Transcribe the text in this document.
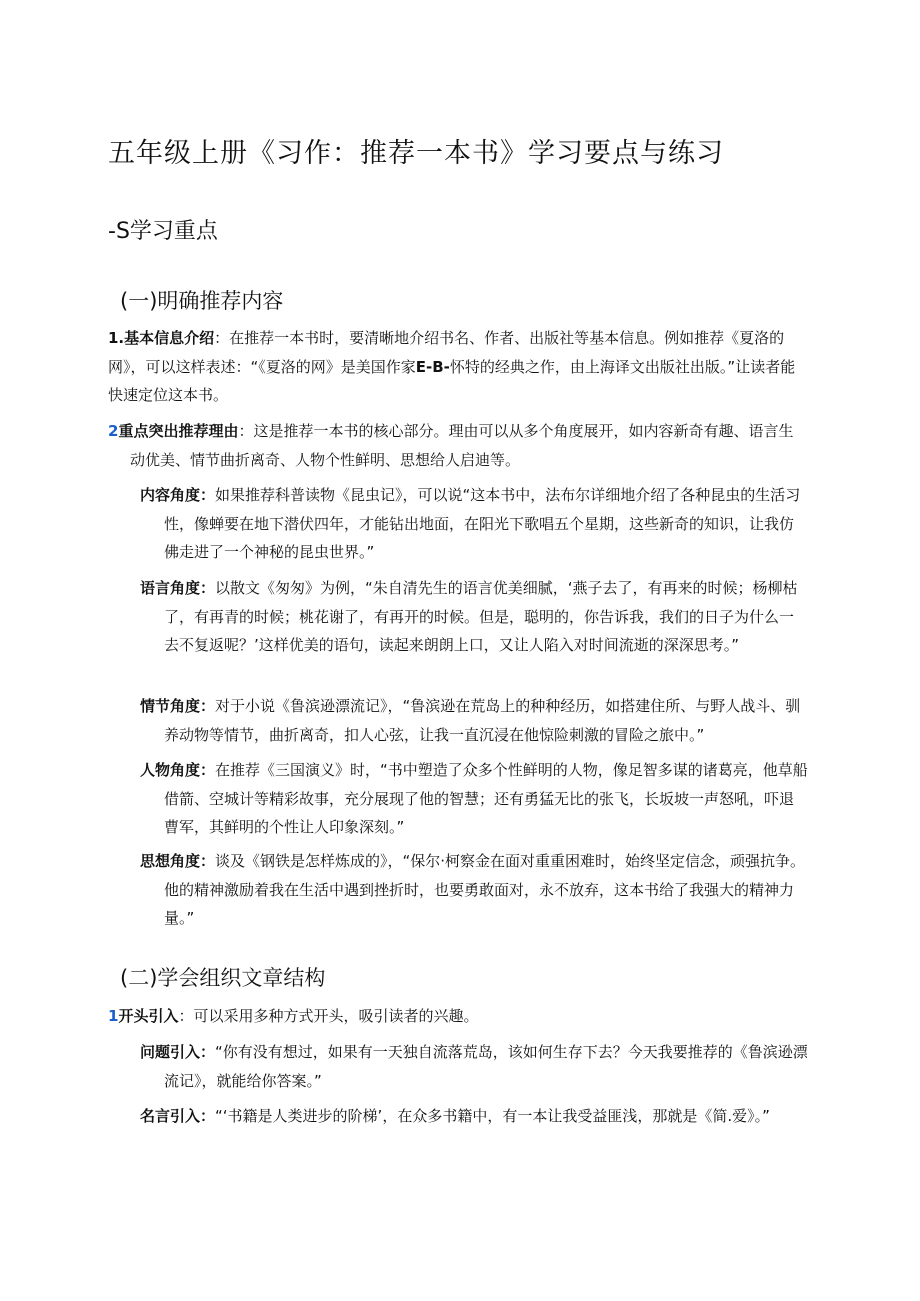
五年级上册《习作：推荐一本书》学习要点与练习
-S学习重点
(一)明确推荐内容
1.基本信息介绍：在推荐一本书时，要清晰地介绍书名、作者、出版社等基本信息。例如推荐《夏洛的网》，可以这样表述：“《夏洛的网》是美国作家E-B-怀特的经典之作，由上海译文出版社出版。”让读者能快速定位这本书。
2重点突出推荐理由：这是推荐一本书的核心部分。理由可以从多个角度展开，如内容新奇有趣、语言生动优美、情节曲折离奇、人物个性鲜明、思想给人启迪等。
内容角度：如果推荐科普读物《昆虫记》，可以说“这本书中，法布尔详细地介绍了各种昆虫的生活习性，像蝉要在地下潜伏四年，才能钻出地面，在阳光下歌唱五个星期，这些新奇的知识，让我仿佛走进了一个神秘的昆虫世界。”
语言角度：以散文《匆匆》为例，“朱自清先生的语言优美细腻，‘燕子去了，有再来的时候；杨柳枯了，有再青的时候；桃花谢了，有再开的时候。但是，聪明的，你告诉我，我们的日子为什么一去不复返呢？’这样优美的语句，读起来朗朗上口，又让人陷入对时间流逝的深深思考。”
情节角度：对于小说《鲁滨逊漂流记》，“鲁滨逊在荒岛上的种种经历，如搭建住所、与野人战斗、驯养动物等情节，曲折离奇，扣人心弦，让我一直沉浸在他惊险刺激的冒险之旅中。”
人物角度：在推荐《三国演义》时，“书中塑造了众多个性鲜明的人物，像足智多谋的诸葛亮，他草船借箭、空城计等精彩故事，充分展现了他的智慧；还有勇猛无比的张飞，长坂坡一声怒吼，吓退曹军，其鲜明的个性让人印象深刻。”
思想角度：谈及《钢铁是怎样炼成的》，“保尔·柯察金在面对重重困难时，始终坚定信念，顽强抗争。他的精神激励着我在生活中遇到挫折时，也要勇敢面对，永不放弃，这本书给了我强大的精神力量。”
(二)学会组织文章结构
1开头引入：可以采用多种方式开头，吸引读者的兴趣。
问题引入：“你有没有想过，如果有一天独自流落荒岛，该如何生存下去？今天我要推荐的《鲁滨逊漂流记》，就能给你答案。”
名言引入：“‘书籍是人类进步的阶梯’，在众多书籍中，有一本让我受益匪浅，那就是《简.爱》。”
